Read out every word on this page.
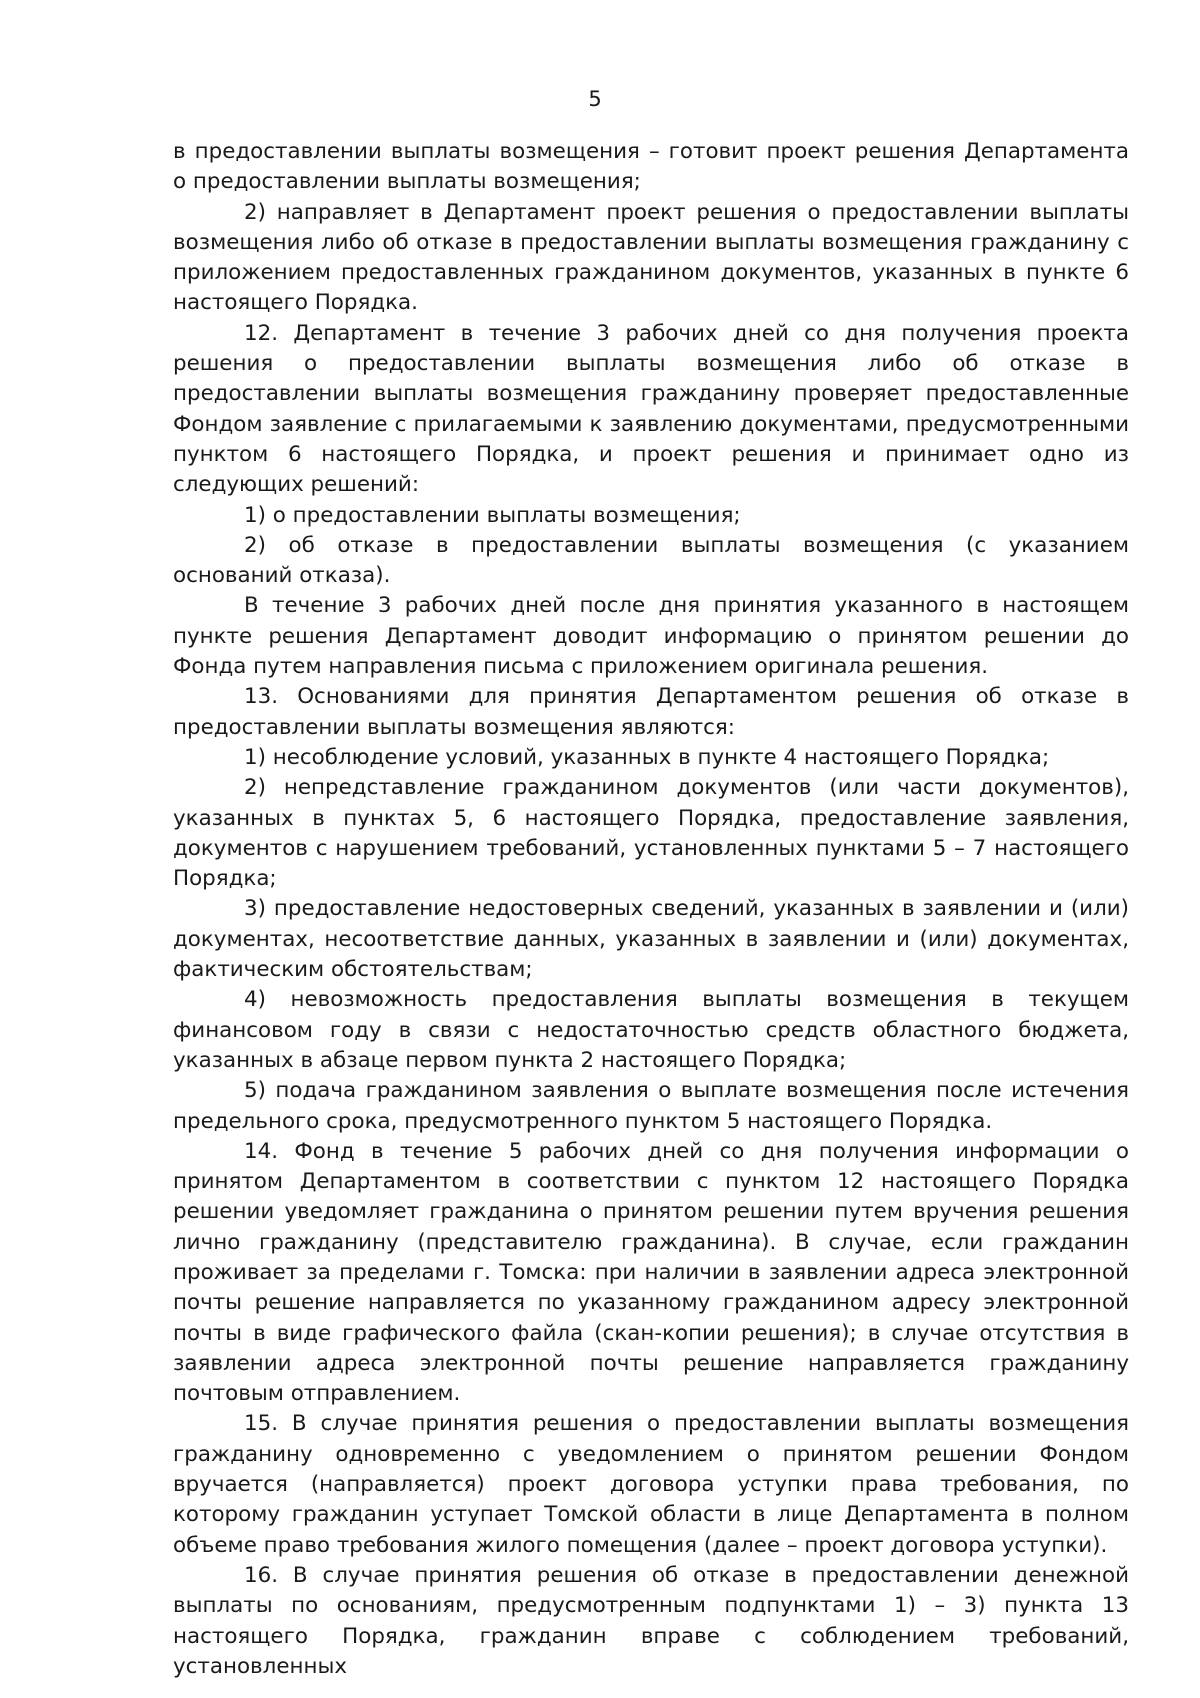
5

в предоставлении выплаты возмещения – готовит проект решения Департамента о предоставлении выплаты возмещения;

2) направляет в Департамент проект решения о предоставлении выплаты возмещения либо об отказе в предоставлении выплаты возмещения гражданину с приложением предоставленных гражданином документов, указанных в пункте 6 настоящего Порядка.

12. Департамент в течение 3 рабочих дней со дня получения проекта решения о предоставлении выплаты возмещения либо об отказе в предоставлении выплаты возмещения гражданину проверяет предоставленные Фондом заявление с прилагаемыми к заявлению документами, предусмотренными пунктом 6 настоящего Порядка, и проект решения и принимает одно из следующих решений:

1) о предоставлении выплаты возмещения;

2) об отказе в предоставлении выплаты возмещения (с указанием оснований отказа).

В течение 3 рабочих дней после дня принятия указанного в настоящем пункте решения Департамент доводит информацию о принятом решении до Фонда путем направления письма с приложением оригинала решения.

13. Основаниями для принятия Департаментом решения об отказе в предоставлении выплаты возмещения являются:

1) несоблюдение условий, указанных в пункте 4 настоящего Порядка;

2) непредставление гражданином документов (или части документов), указанных в пунктах 5, 6 настоящего Порядка, предоставление заявления, документов с нарушением требований, установленных пунктами 5 – 7 настоящего Порядка;

3) предоставление недостоверных сведений, указанных в заявлении и (или) документах, несоответствие данных, указанных в заявлении и (или) документах, фактическим обстоятельствам;

4) невозможность предоставления выплаты возмещения в текущем финансовом году в связи с недостаточностью средств областного бюджета, указанных в абзаце первом пункта 2 настоящего Порядка;

5) подача гражданином заявления о выплате возмещения после истечения предельного срока, предусмотренного пунктом 5 настоящего Порядка.

14. Фонд в течение 5 рабочих дней со дня получения информации о принятом Департаментом в соответствии с пунктом 12 настоящего Порядка решении уведомляет гражданина о принятом решении путем вручения решения лично гражданину (представителю гражданина). В случае, если гражданин проживает за пределами г. Томска: при наличии в заявлении адреса электронной почты решение направляется по указанному гражданином адресу электронной почты в виде графического файла (скан-копии решения); в случае отсутствия в заявлении адреса электронной почты решение направляется гражданину почтовым отправлением.

15. В случае принятия решения о предоставлении выплаты возмещения гражданину одновременно с уведомлением о принятом решении Фондом вручается (направляется) проект договора уступки права требования, по которому гражданин уступает Томской области в лице Департамента в полном объеме право требования жилого помещения (далее – проект договора уступки).

16. В случае принятия решения об отказе в предоставлении денежной выплаты по основаниям, предусмотренным подпунктами 1) – 3) пункта 13 настоящего Порядка, гражданин вправе с соблюдением требований, установленных
